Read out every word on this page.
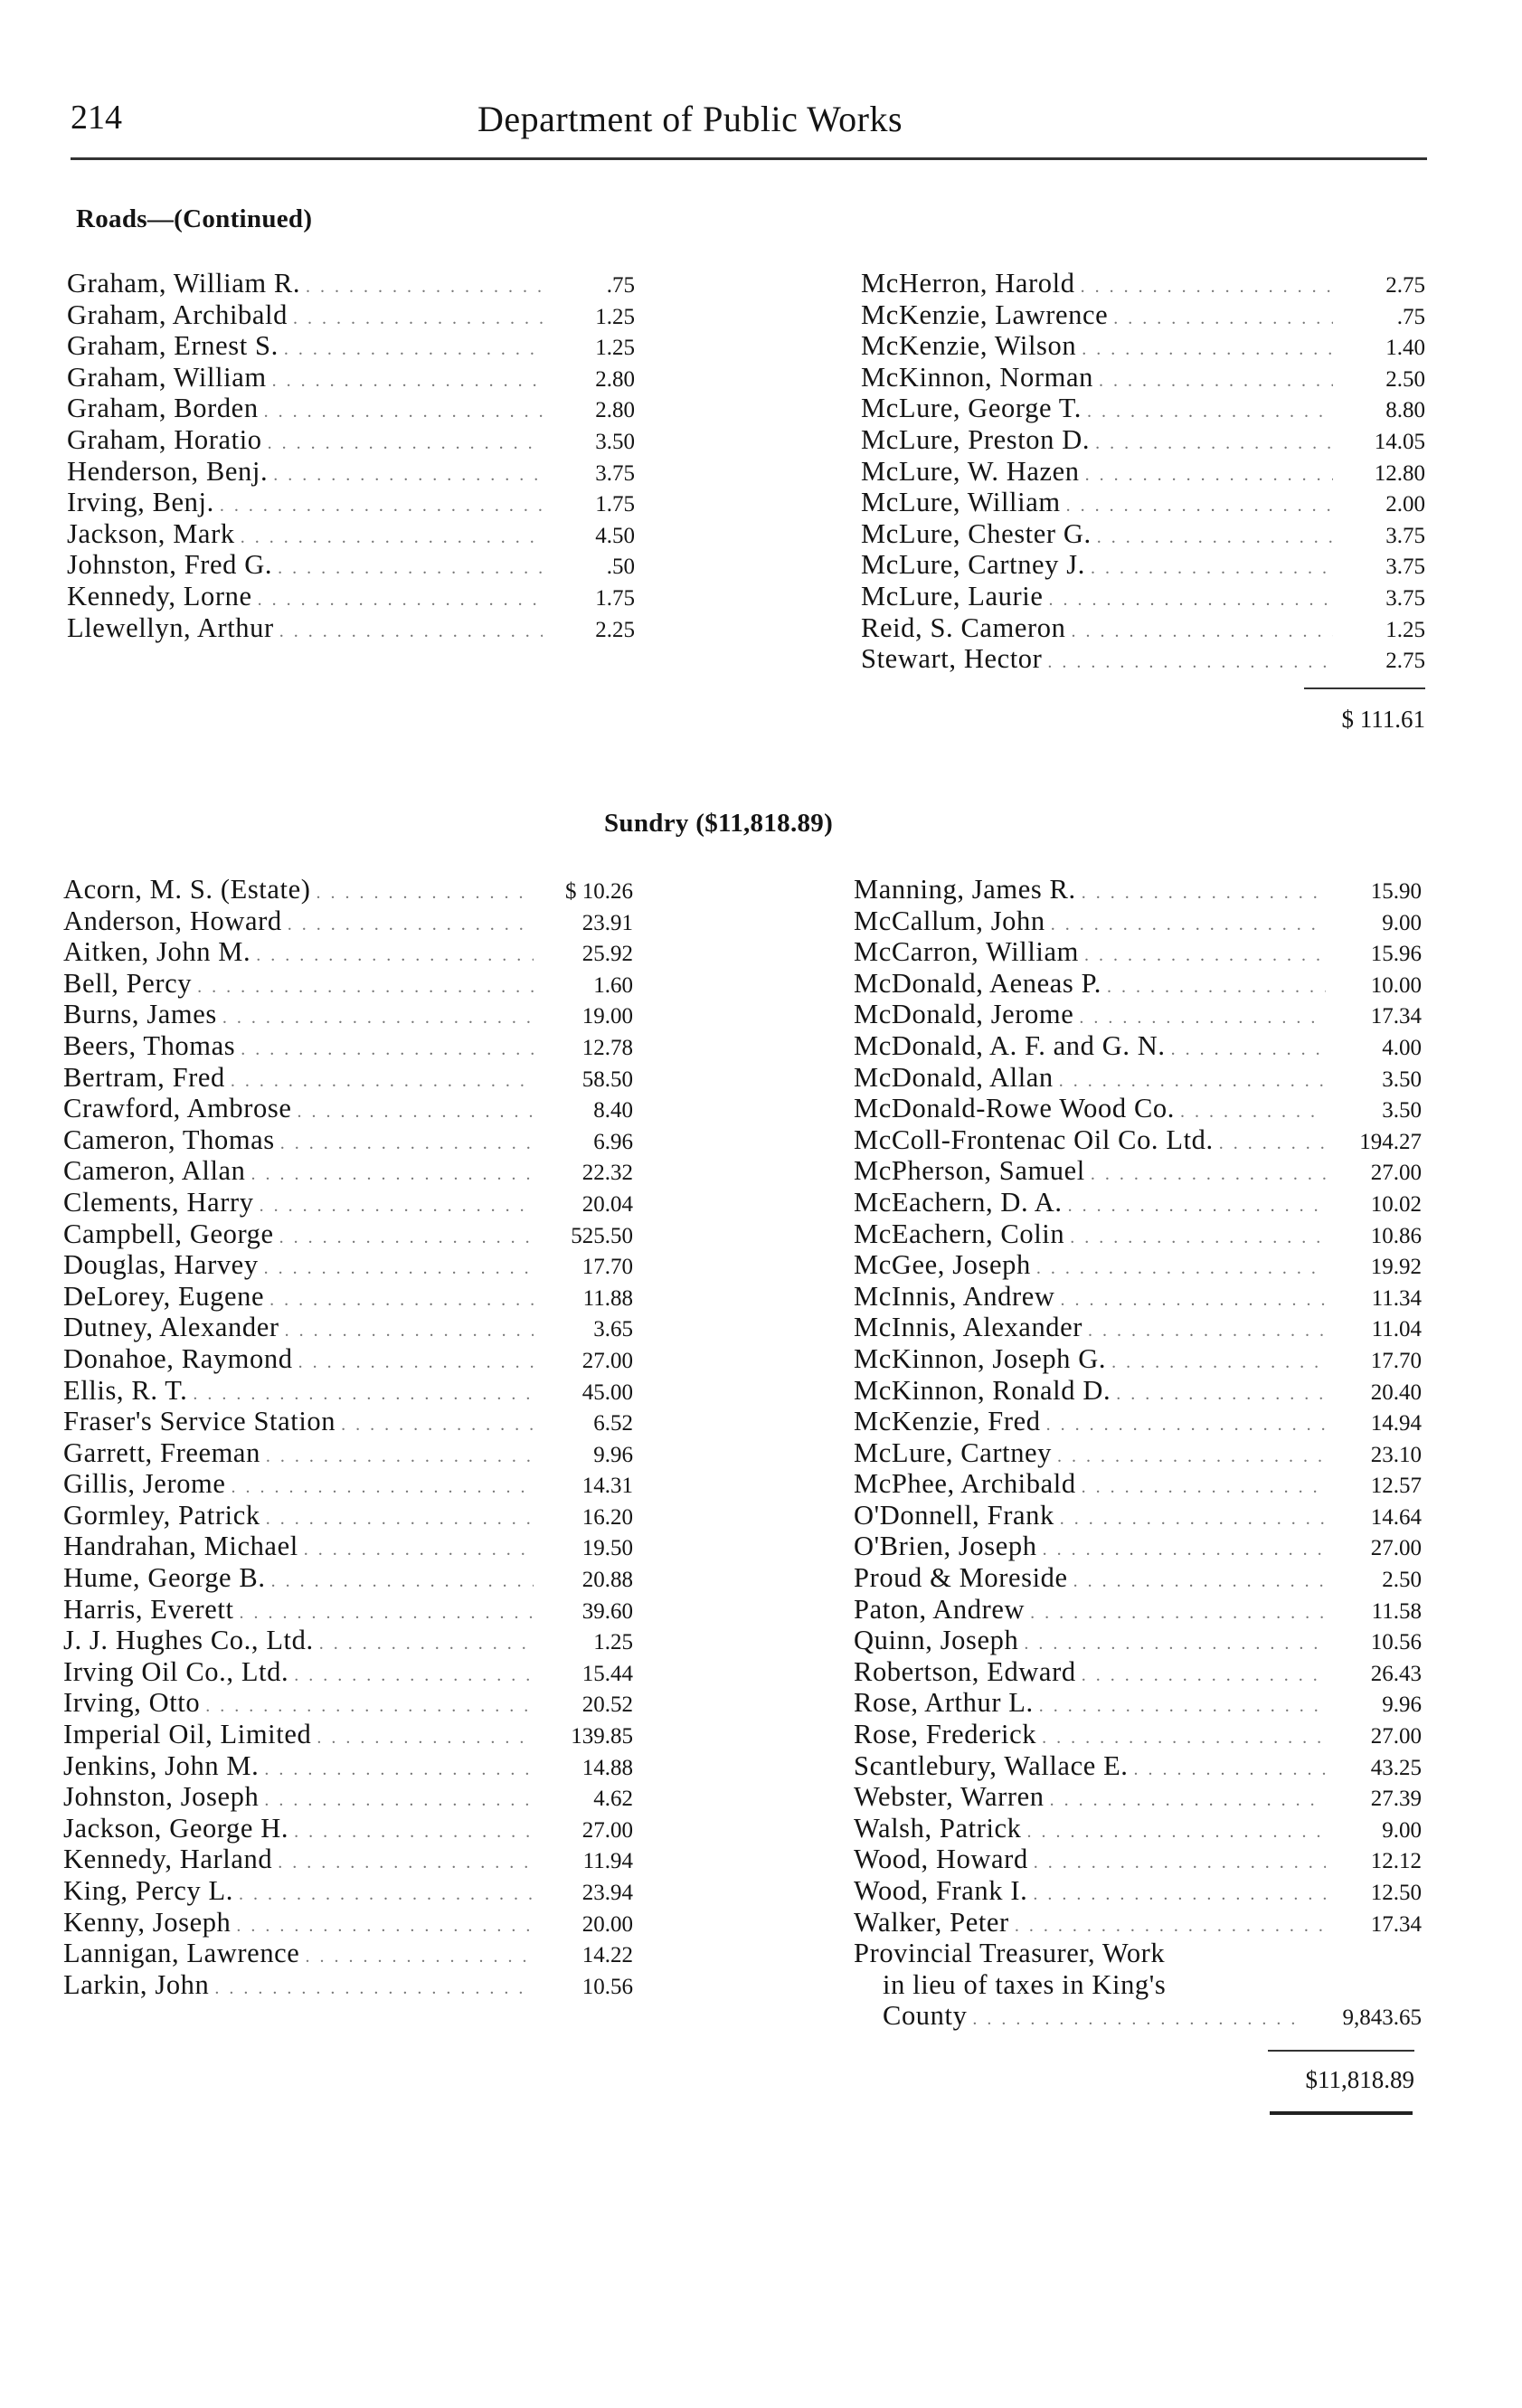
214	Department of Public Works
Roads—(Continued)
Graham, William R. . . .	.75
Graham, Archibald . . .	1.25
Graham, Ernest S. . . .	1.25
Graham, William . . .	2.80
Graham, Borden . . .	2.80
Graham, Horatio . . .	3.50
Henderson, Benj. . . .	3.75
Irving, Benj. . . .	1.75
Jackson, Mark . . .	4.50
Johnston, Fred G. . . .	.50
Kennedy, Lorne . . .	1.75
Llewellyn, Arthur . . .	2.25
McHerron, Harold . . .	2.75
McKenzie, Lawrence . . .	.75
McKenzie, Wilson . . .	1.40
McKinnon, Norman . . .	2.50
McLure, George T. . . .	8.80
McLure, Preston D. . . .	14.05
McLure, W. Hazen . . .	12.80
McLure, William . . .	2.00
McLure, Chester G. . . .	3.75
McLure, Cartney J. . . .	3.75
McLure, Laurie . . .	3.75
Reid, S. Cameron . . .	1.25
Stewart, Hector . . .	2.75
$ 111.61
Sundry ($11,818.89)
Acorn, M. S. (Estate) . . .	$ 10.26
Anderson, Howard . . .	23.91
Aitken, John M. . . .	25.92
Bell, Percy . . .	1.60
Burns, James . . .	19.00
Beers, Thomas . . .	12.78
Bertram, Fred . . .	58.50
Crawford, Ambrose . . .	8.40
Cameron, Thomas . . .	6.96
Cameron, Allan . . .	22.32
Clements, Harry . . .	20.04
Campbell, George . . .	525.50
Douglas, Harvey . . .	17.70
DeLorey, Eugene . . .	11.88
Dutney, Alexander . . .	3.65
Donahoe, Raymond . . .	27.00
Ellis, R. T. . . .	45.00
Fraser's Service Station . . .	6.52
Garrett, Freeman . . .	9.96
Gillis, Jerome . . .	14.31
Gormley, Patrick . . .	16.20
Handrahan, Michael . . .	19.50
Hume, George B. . . .	20.88
Harris, Everett . . .	39.60
J. J. Hughes Co., Ltd. . . .	1.25
Irving Oil Co., Ltd. . . .	15.44
Irving, Otto . . .	20.52
Imperial Oil, Limited . . .	139.85
Jenkins, John M. . . .	14.88
Johnston, Joseph . . .	4.62
Jackson, George H. . . .	27.00
Kennedy, Harland . . .	11.94
King, Percy L. . . .	23.94
Kenny, Joseph . . .	20.00
Lannigan, Lawrence . . .	14.22
Larkin, John . . .	10.56
Manning, James R. . . .	15.90
McCallum, John . . .	9.00
McCarron, William . . .	15.96
McDonald, Aeneas P. . . .	10.00
McDonald, Jerome . . .	17.34
McDonald, A. F. and G. N. . . .	4.00
McDonald, Allan . . .	3.50
McDonald-Rowe Wood Co. . . .	3.50
McColl-Frontenac Oil Co. Ltd. . . .	194.27
McPherson, Samuel . . .	27.00
McEachern, D. A. . . .	10.02
McEachern, Colin . . .	10.86
McGee, Joseph . . .	19.92
McInnis, Andrew . . .	11.34
McInnis, Alexander . . .	11.04
McKinnon, Joseph G. . . .	17.70
McKinnon, Ronald D. . . .	20.40
McKenzie, Fred . . .	14.94
McLure, Cartney . . .	23.10
McPhee, Archibald . . .	12.57
O'Donnell, Frank . . .	14.64
O'Brien, Joseph . . .	27.00
Proud & Moreside . . .	2.50
Paton, Andrew . . .	11.58
Quinn, Joseph . . .	10.56
Robertson, Edward . . .	26.43
Rose, Arthur L. . . .	9.96
Rose, Frederick . . .	27.00
Scantlebury, Wallace E. . . .	43.25
Webster, Warren . . .	27.39
Walsh, Patrick . . .	9.00
Wood, Howard . . .	12.12
Wood, Frank I. . . .	12.50
Walker, Peter . . .	17.34
Provincial Treasurer, Work
in lieu of taxes in King's
County . . .	9,843.65
$11,818.89
